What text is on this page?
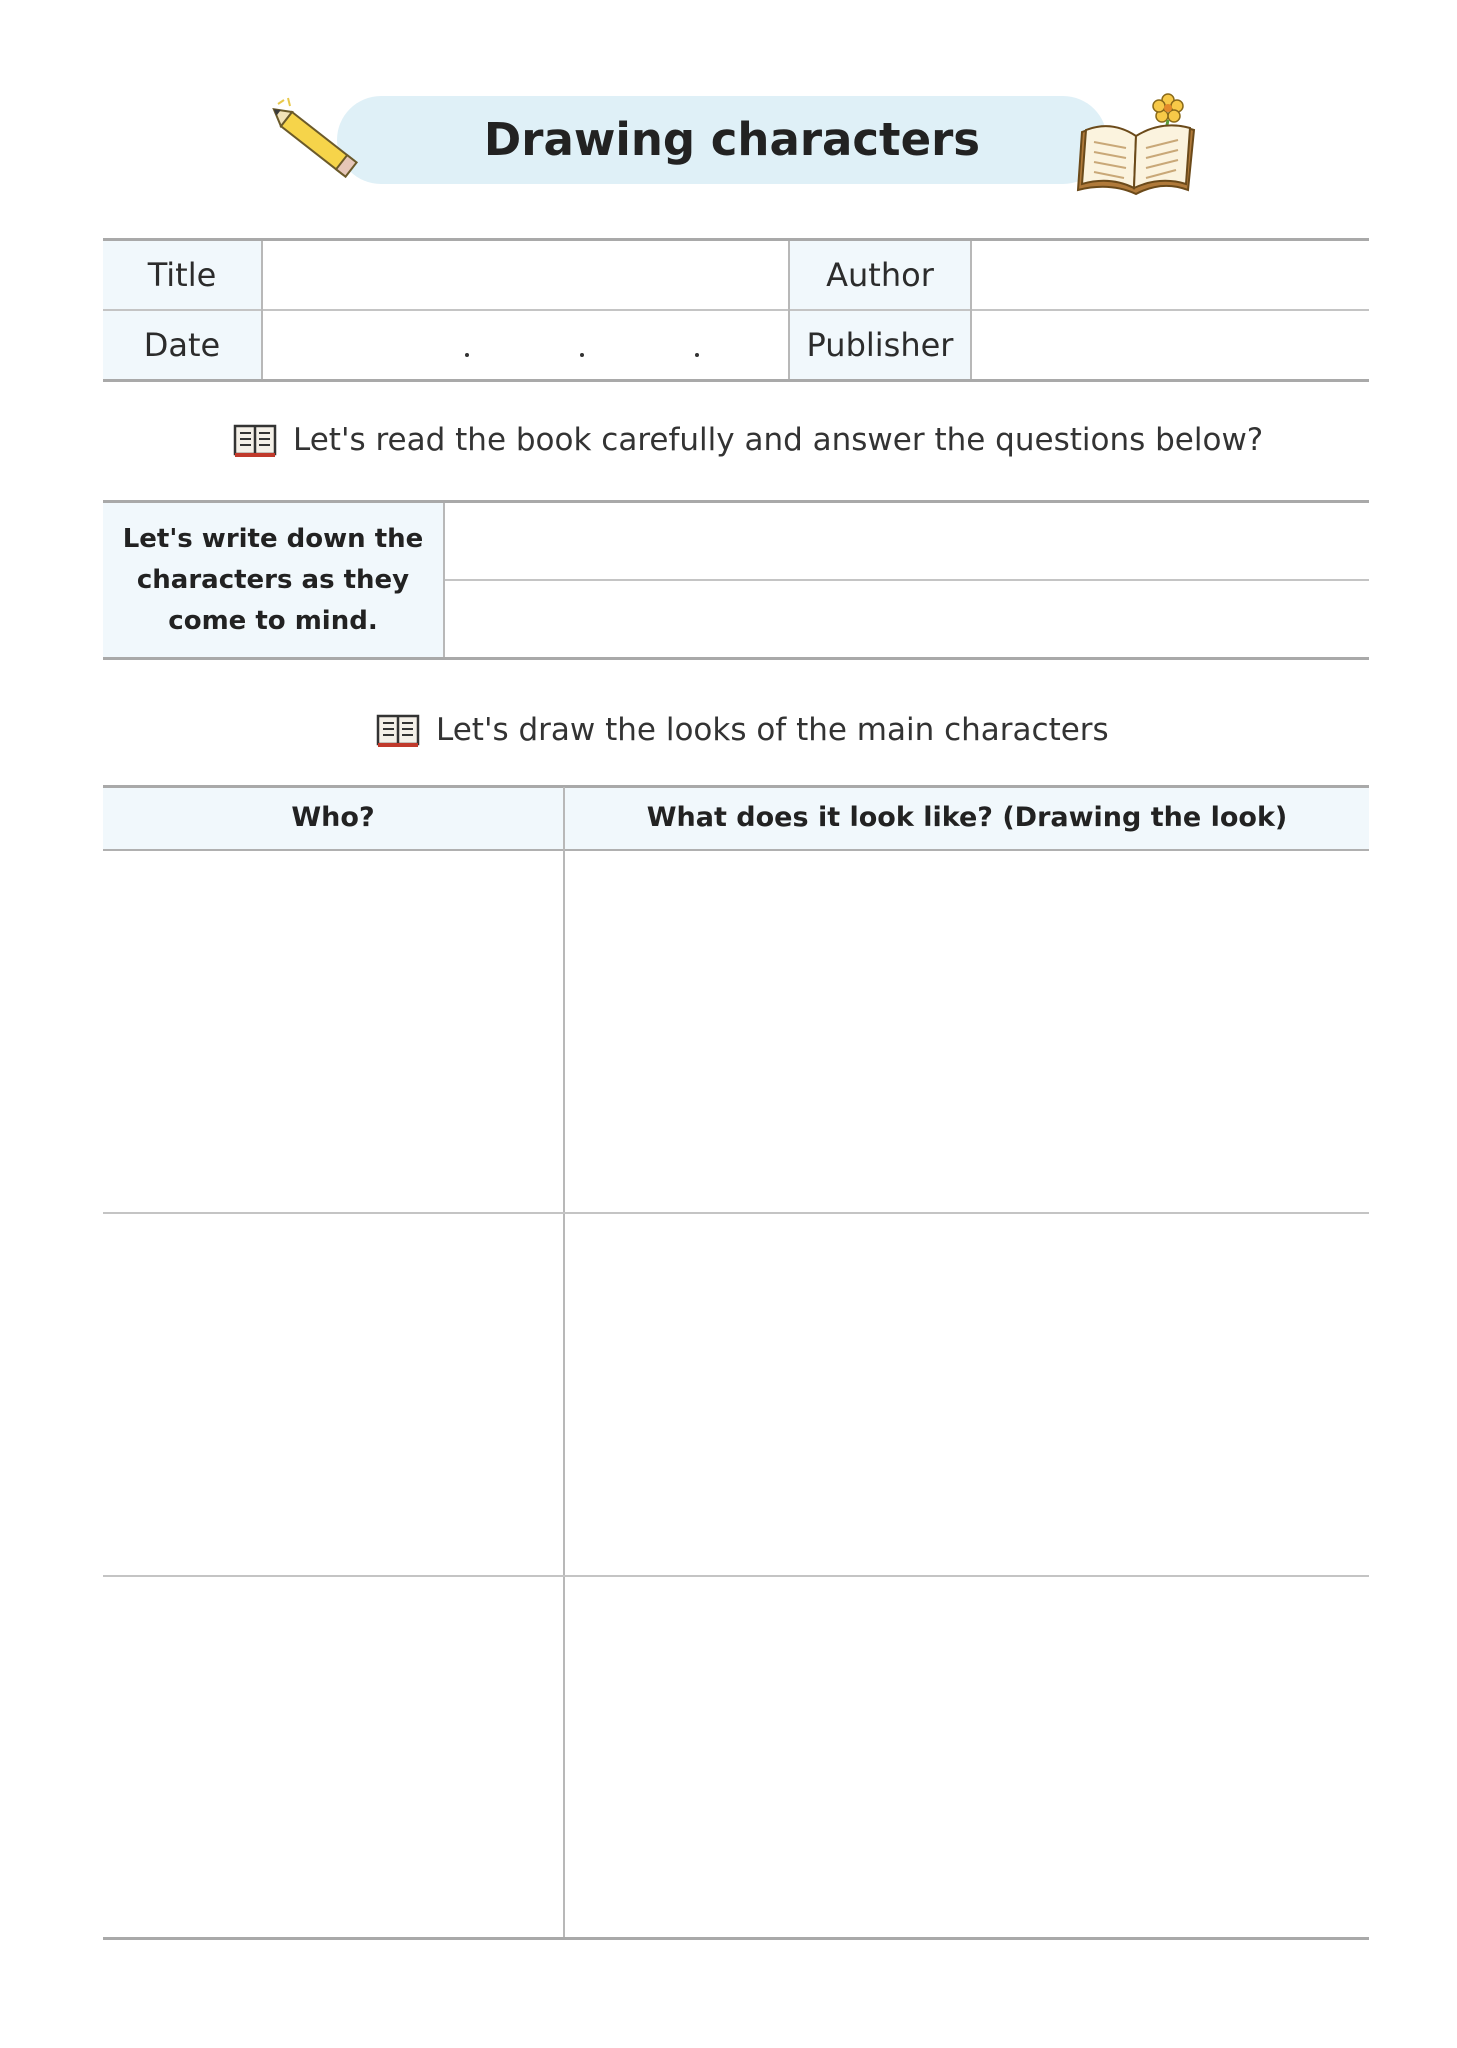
Drawing characters
Title
Date
Author
Publisher
Let's read the book carefully and answer the questions below?
Let's write down the
characters as they
come to mind.
Let's draw the looks of the main characters
Who?	What does it look like? (Drawing the look)
